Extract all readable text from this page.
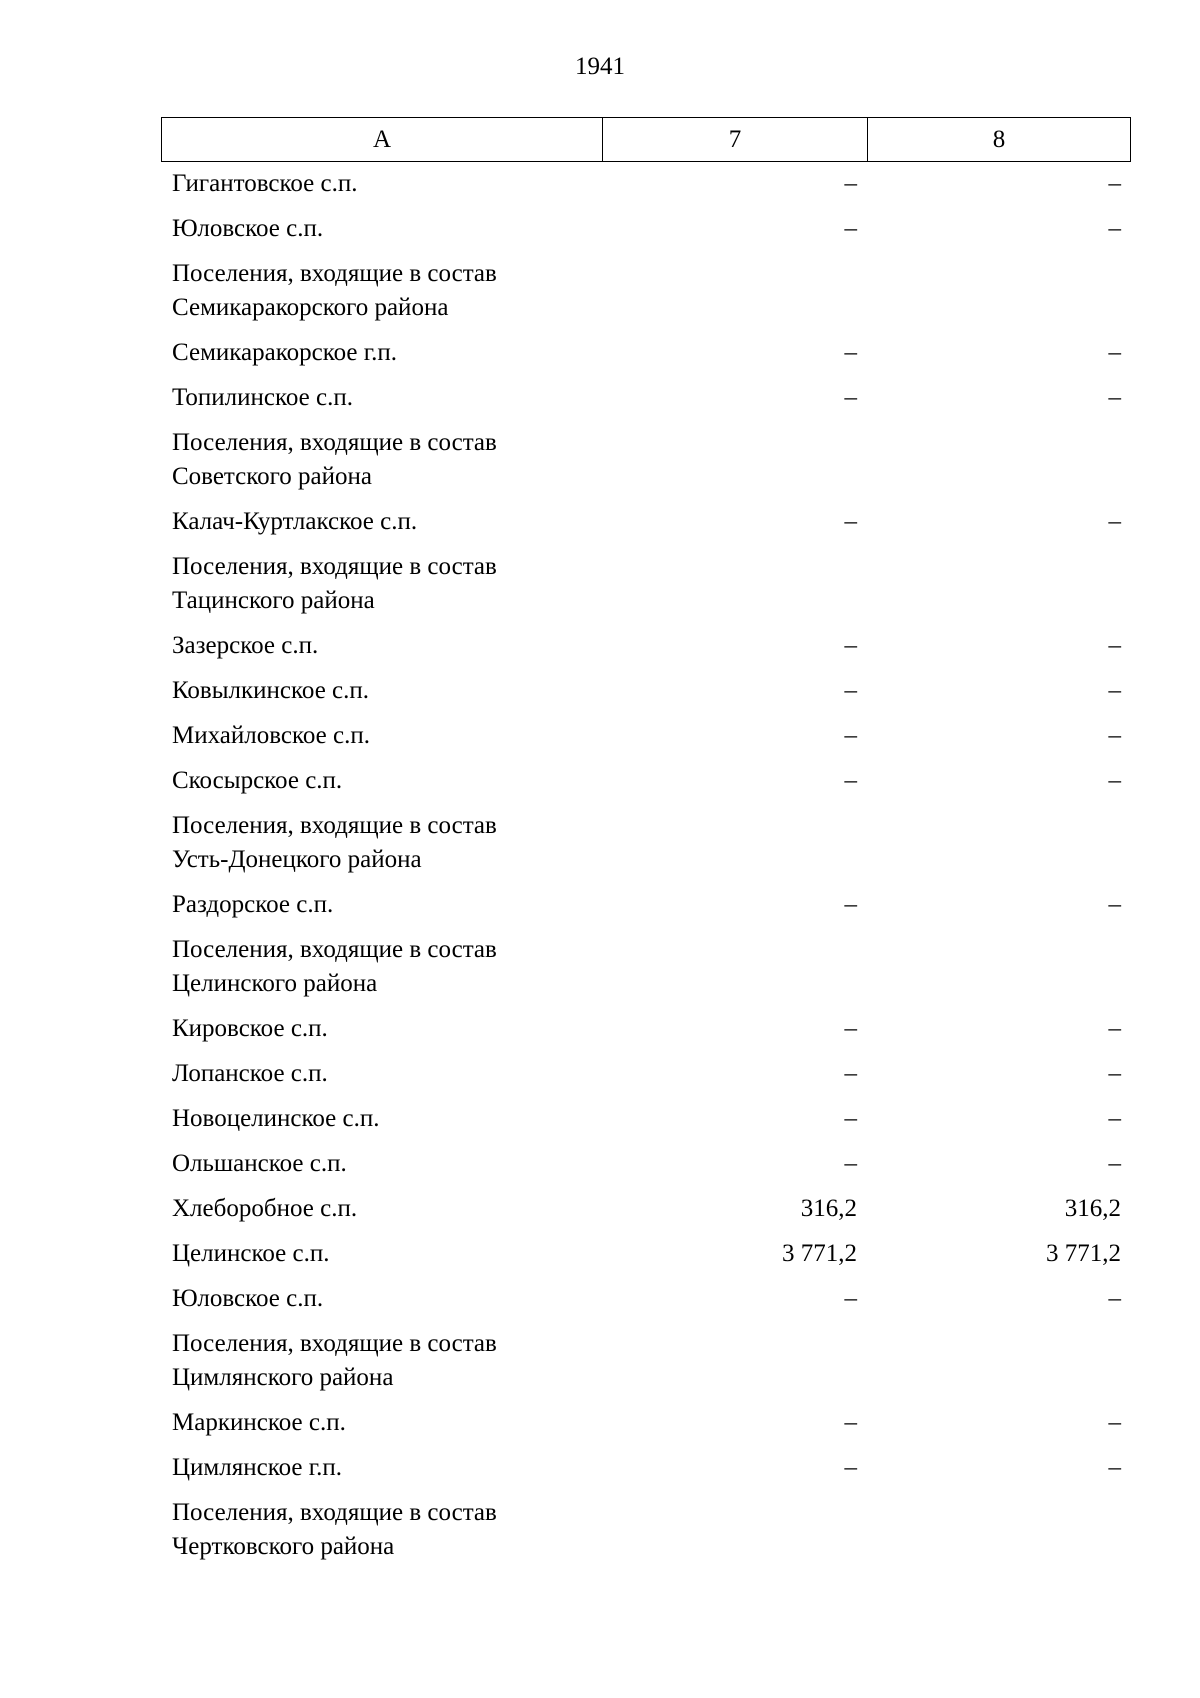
1941
А	7	8
Гигантовское с.п.	–	–
Юловское с.п.	–	–
Поселения, входящие в состав
Семикаракорского района
Семикаракорское г.п.	–	–
Топилинское с.п.	–	–
Поселения, входящие в состав
Советского района
Калач-Куртлакское с.п.	–	–
Поселения, входящие в состав
Тацинского района
Зазерское с.п.	–	–
Ковылкинское с.п.	–	–
Михайловское с.п.	–	–
Скосырское с.п.	–	–
Поселения, входящие в состав
Усть-Донецкого района
Раздорское с.п.	–	–
Поселения, входящие в состав
Целинского района
Кировское с.п.	–	–
Лопанское с.п.	–	–
Новоцелинское с.п.	–	–
Ольшанское с.п.	–	–
Хлеборобное с.п.	316,2	316,2
Целинское с.п.	3 771,2	3 771,2
Юловское с.п.	–	–
Поселения, входящие в состав
Цимлянского района
Маркинское с.п.	–	–
Цимлянское г.п.	–	–
Поселения, входящие в состав
Чертковского района
